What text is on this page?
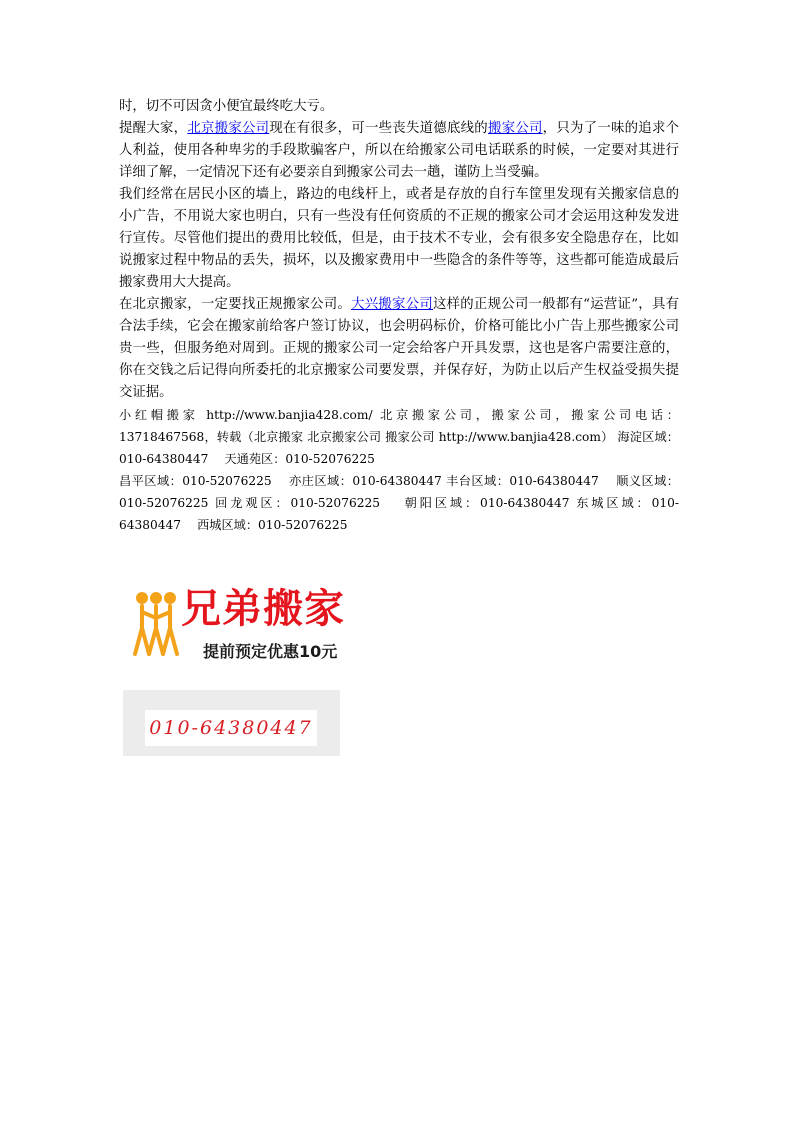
时，切不可因贪小便宜最终吃大亏。

提醒大家，北京搬家公司现在有很多，可一些丧失道德底线的搬家公司，只为了一味的追求个人利益，使用各种卑劣的手段欺骗客户，所以在给搬家公司电话联系的时候，一定要对其进行详细了解，一定情况下还有必要亲自到搬家公司去一趟，谨防上当受骗。

我们经常在居民小区的墙上，路边的电线杆上，或者是存放的自行车筐里发现有关搬家信息的小广告，不用说大家也明白，只有一些没有任何资质的不正规的搬家公司才会运用这种发发进行宣传。尽管他们提出的费用比较低，但是，由于技术不专业，会有很多安全隐患存在，比如说搬家过程中物品的丢失，损坏，以及搬家费用中一些隐含的条件等等，这些都可能造成最后搬家费用大大提高。

在北京搬家，一定要找正规搬家公司。大兴搬家公司这样的正规公司一般都有“运营证”，具有合法手续，它会在搬家前给客户签订协议，也会明码标价，价格可能比小广告上那些搬家公司贵一些，但服务绝对周到。正规的搬家公司一定会给客户开具发票，这也是客户需要注意的，你在交钱之后记得向所委托的北京搬家公司要发票，并保存好，为防止以后产生权益受损失提交证据。

小红帽搬家 http://www.banjia428.com/ 北京搬家公司，搬家公司，搬家公司电话：13718467568，转载（北京搬家 北京搬家公司 搬家公司 http://www.banjia428.com） 海淀区域：010-64380447　 天通苑区：010-52076225

昌平区域：010-52076225　 亦庄区域：010-64380447 丰台区域：010-64380447　 顺义区域：010-52076225 回龙观区：010-52076225　 朝阳区域：010-64380447 东城区域：010-64380447　 西城区域：010-52076225

兄弟搬家
提前预定优惠10元
010-64380447
